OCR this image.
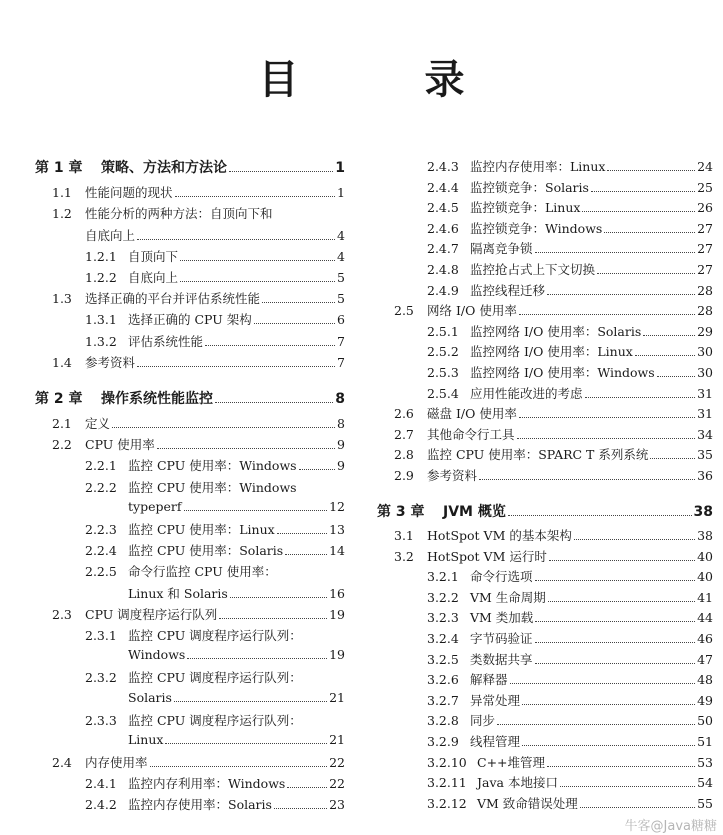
目 录
第 1 章	策略、方法和方法论	1
1.1	性能问题的现状	1
1.2	性能分析的两种方法：自顶向下和
自底向上	4
1.2.1 自顶向下	4
1.2.2 自底向上	5
1.3	选择正确的平台并评估系统性能	5
1.3.1 选择正确的 CPU 架构	6
1.3.2 评估系统性能	7
1.4	参考资料	7
第 2 章	操作系统性能监控	8
2.1	定义	8
2.2	CPU 使用率	9
2.2.1 监控 CPU 使用率：Windows	9
2.2.2 监控 CPU 使用率：Windows
typeperf	12
2.2.3 监控 CPU 使用率：Linux	13
2.2.4 监控 CPU 使用率：Solaris	14
2.2.5 命令行监控 CPU 使用率：
Linux 和 Solaris	16
2.3	CPU 调度程序运行队列	19
2.3.1 监控 CPU 调度程序运行队列：
Windows	19
2.3.2 监控 CPU 调度程序运行队列：
Solaris	21
2.3.3 监控 CPU 调度程序运行队列：
Linux	21
2.4	内存使用率	22
2.4.1 监控内存利用率：Windows	22
2.4.2 监控内存使用率：Solaris	23
2.4.3 监控内存使用率：Linux	24
2.4.4 监控锁竞争：Solaris	25
2.4.5 监控锁竞争：Linux	26
2.4.6 监控锁竞争：Windows	27
2.4.7 隔离竞争锁	27
2.4.8 监控抢占式上下文切换	27
2.4.9 监控线程迁移	28
2.5	网络 I/O 使用率	28
2.5.1 监控网络 I/O 使用率：Solaris	29
2.5.2 监控网络 I/O 使用率：Linux	30
2.5.3 监控网络 I/O 使用率：Windows	30
2.5.4 应用性能改进的考虑	31
2.6	磁盘 I/O 使用率	31
2.7	其他命令行工具	34
2.8	监控 CPU 使用率：SPARC T 系列系统	35
2.9	参考资料	36
第 3 章	JVM 概览	38
3.1	HotSpot VM 的基本架构	38
3.2	HotSpot VM 运行时	40
3.2.1 命令行选项	40
3.2.2 VM 生命周期	41
3.2.3 VM 类加载	44
3.2.4 字节码验证	46
3.2.5 类数据共享	47
3.2.6 解释器	48
3.2.7 异常处理	49
3.2.8 同步	50
3.2.9 线程管理	51
3.2.10 C++堆管理	53
3.2.11 Java 本地接口	54
3.2.12 VM 致命错误处理	55
牛客@Java糖糖
